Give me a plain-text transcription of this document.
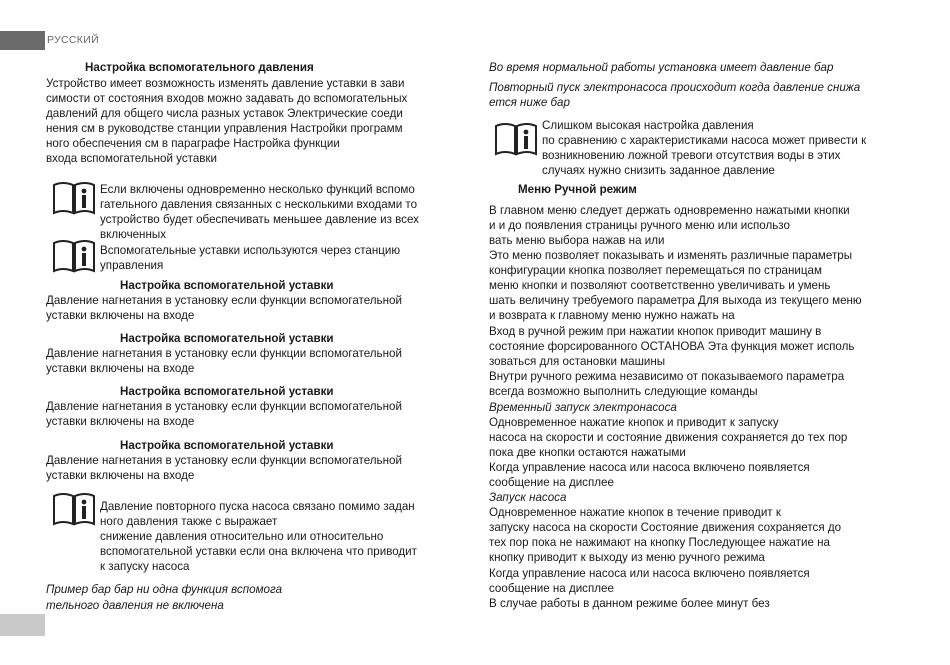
РУССКИЙ
Настройка вспомогательного давления
Устройство имеет возможность изменять давление уставки в зави
симости от состояния входов можно задавать до вспомогательных
давлений для общего числа разных уставок Электрические соеди
нения см в руководстве станции управления Настройки программ
ного обеспечения см в параграфе Настройка функции
входа вспомогательной уставки
Если включены одновременно несколько функций вспомо
гательного давления связанных с несколькими входами то
устройство будет обеспечивать меньшее давление из всех
включенных
Вспомогательные уставки используются через станцию
управления
Настройка вспомогательной уставки
Давление нагнетания в установку если функции вспомогательной
уставки включены на входе
Настройка вспомогательной уставки
Давление нагнетания в установку если функции вспомогательной
уставки включены на входе
Настройка вспомогательной уставки
Давление нагнетания в установку если функции вспомогательной
уставки включены на входе
Настройка вспомогательной уставки
Давление нагнетания в установку если функции вспомогательной
уставки включены на входе
Давление повторного пуска насоса связано помимо задан
ного давления также с выражает
снижение давления относительно или относительно
вспомогательной уставки если она включена что приводит
к запуску насоса
Пример бар бар ни одна функция вспомога
тельного давления не включена
Во время нормальной работы установка имеет давление бар
Повторный пуск электронасоса происходит когда давление снижа
ется ниже бар
Слишком высокая настройка давления
по сравнению с характеристиками насоса может привести к
возникновению ложной тревоги отсутствия воды в этих
случаях нужно снизить заданное давление
Меню Ручной режим
В главном меню следует держать одновременно нажатыми кнопки
и и до появления страницы ручного меню или использо
вать меню выбора нажав на или
Это меню позволяет показывать и изменять различные параметры
конфигурации кнопка позволяет перемещаться по страницам
меню кнопки и позволяют соответственно увеличивать и умень
шать величину требуемого параметра Для выхода из текущего меню
и возврата к главному меню нужно нажать на
Вход в ручной режим при нажатии кнопок приводит машину в
состояние форсированного ОСТАНОВА Эта функция может исполь
зоваться для остановки машины
Внутри ручного режима независимо от показываемого параметра
всегда возможно выполнить следующие команды
Временный запуск электронасоса
Одновременное нажатие кнопок и приводит к запуску
насоса на скорости и состояние движения сохраняется до тех пор
пока две кнопки остаются нажатыми
Когда управление насоса или насоса включено появляется
сообщение на дисплее
Запуск насоса
Одновременное нажатие кнопок в течение приводит к
запуску насоса на скорости Состояние движения сохраняется до
тех пор пока не нажимают на кнопку Последующее нажатие на
кнопку приводит к выходу из меню ручного режима
Когда управление насоса или насоса включено появляется
сообщение на дисплее
В случае работы в данном режиме более минут без
